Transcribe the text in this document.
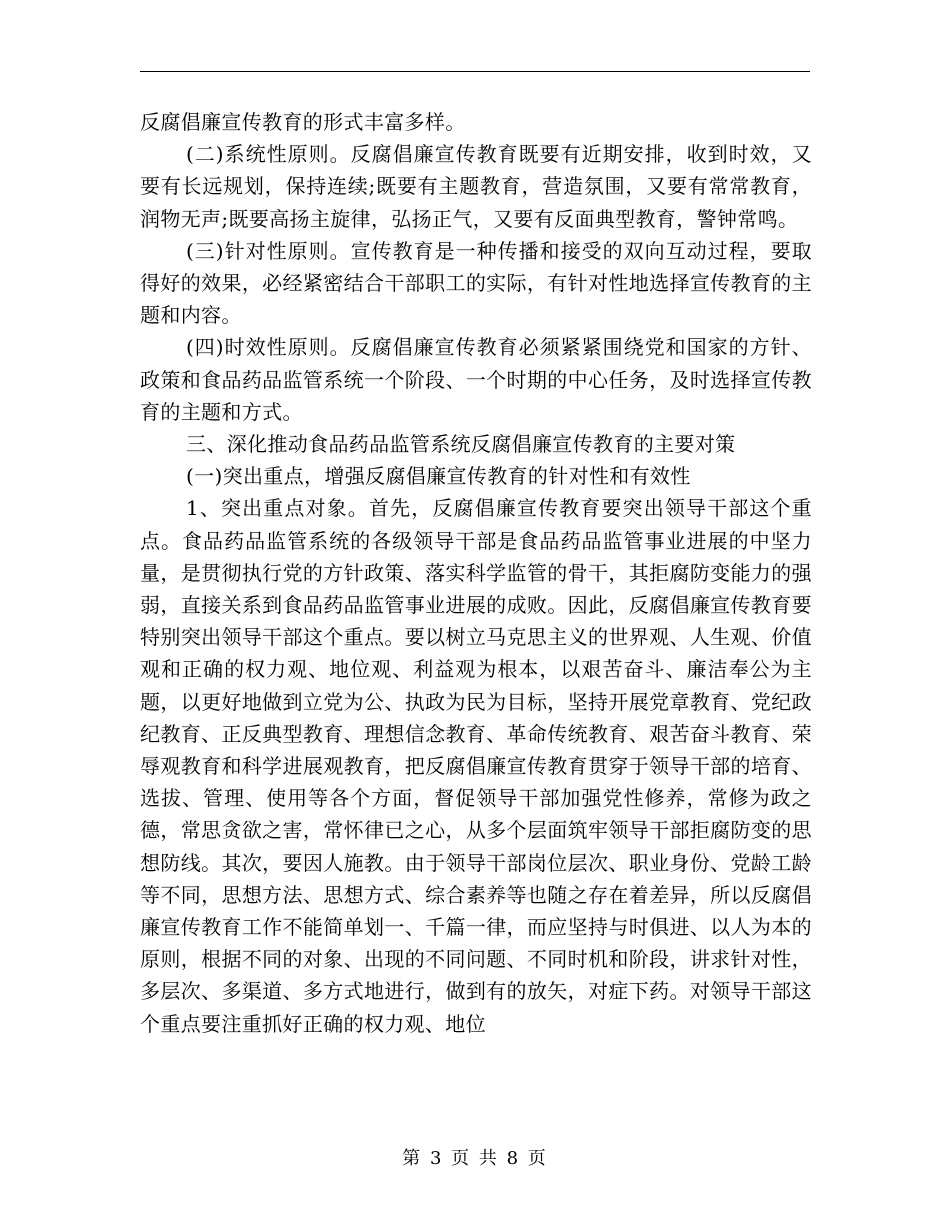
反腐倡廉宣传教育的形式丰富多样。

(二)系统性原则。反腐倡廉宣传教育既要有近期安排，收到时效，又要有长远规划，保持连续;既要有主题教育，营造氛围，又要有常常教育，润物无声;既要高扬主旋律，弘扬正气，又要有反面典型教育，警钟常鸣。

(三)针对性原则。宣传教育是一种传播和接受的双向互动过程，要取得好的效果，必经紧密结合干部职工的实际，有针对性地选择宣传教育的主题和内容。

(四)时效性原则。反腐倡廉宣传教育必须紧紧围绕党和国家的方针、政策和食品药品监管系统一个阶段、一个时期的中心任务，及时选择宣传教育的主题和方式。

三、深化推动食品药品监管系统反腐倡廉宣传教育的主要对策

(一)突出重点，增强反腐倡廉宣传教育的针对性和有效性

1、突出重点对象。首先，反腐倡廉宣传教育要突出领导干部这个重点。食品药品监管系统的各级领导干部是食品药品监管事业进展的中坚力量，是贯彻执行党的方针政策、落实科学监管的骨干，其拒腐防变能力的强弱，直接关系到食品药品监管事业进展的成败。因此，反腐倡廉宣传教育要特别突出领导干部这个重点。要以树立马克思主义的世界观、人生观、价值观和正确的权力观、地位观、利益观为根本，以艰苦奋斗、廉洁奉公为主题，以更好地做到立党为公、执政为民为目标，坚持开展党章教育、党纪政纪教育、正反典型教育、理想信念教育、革命传统教育、艰苦奋斗教育、荣辱观教育和科学进展观教育，把反腐倡廉宣传教育贯穿于领导干部的培育、选拔、管理、使用等各个方面，督促领导干部加强党性修养，常修为政之德，常思贪欲之害，常怀律已之心，从多个层面筑牢领导干部拒腐防变的思想防线。其次，要因人施教。由于领导干部岗位层次、职业身份、党龄工龄等不同，思想方法、思想方式、综合素养等也随之存在着差异，所以反腐倡廉宣传教育工作不能简单划一、千篇一律，而应坚持与时俱进、以人为本的原则，根据不同的对象、出现的不同问题、不同时机和阶段，讲求针对性，多层次、多渠道、多方式地进行，做到有的放矢，对症下药。对领导干部这个重点要注重抓好正确的权力观、地位

第 3 页 共 8 页
